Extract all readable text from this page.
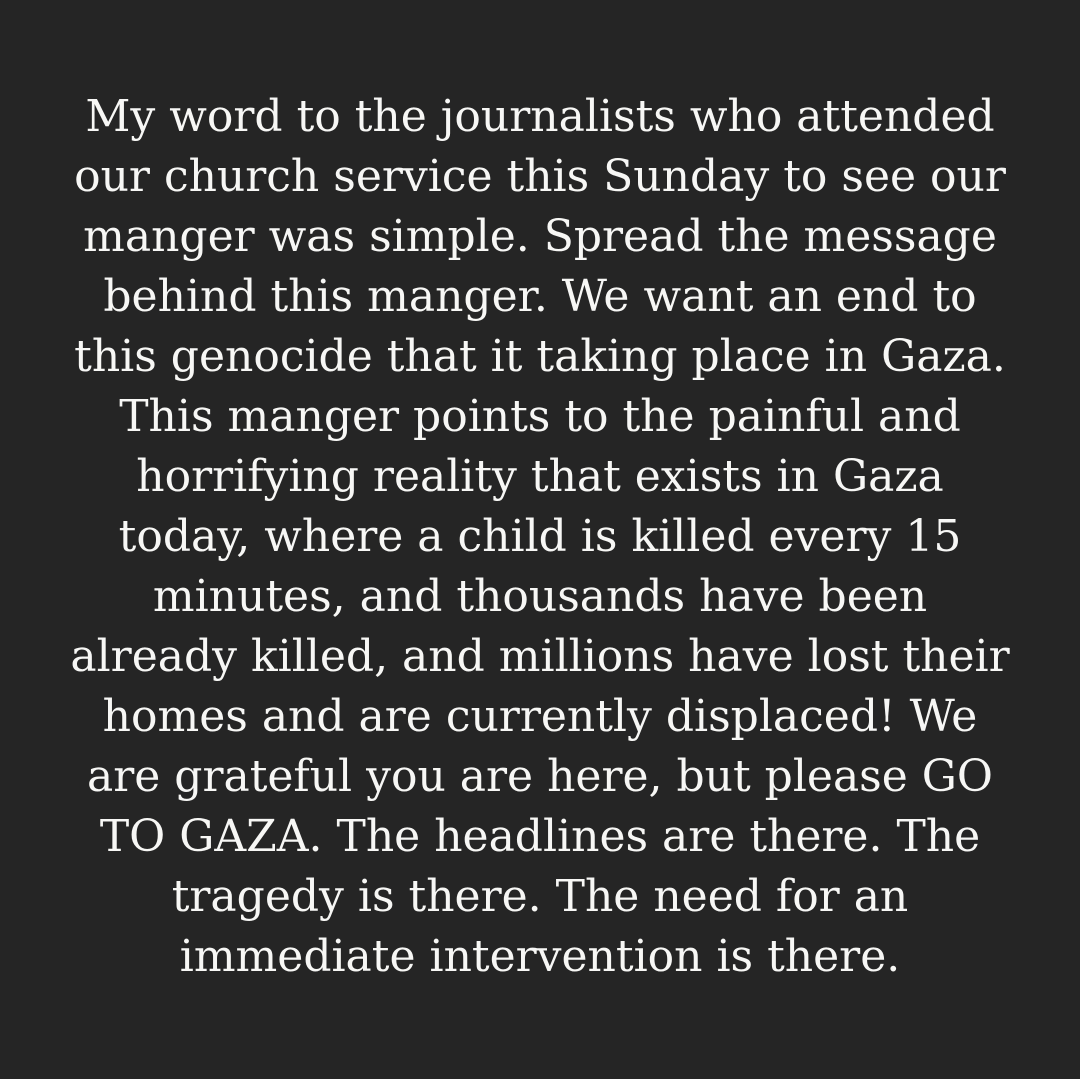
My word to the journalists who attended
our church service this Sunday to see our
manger was simple. Spread the message
behind this manger. We want an end to
this genocide that it taking place in Gaza.
This manger points to the painful and
horrifying reality that exists in Gaza
today, where a child is killed every 15
minutes, and thousands have been
already killed, and millions have lost their
homes and are currently displaced! We
are grateful you are here, but please GO
TO GAZA. The headlines are there. The
tragedy is there. The need for an
immediate intervention is there.
